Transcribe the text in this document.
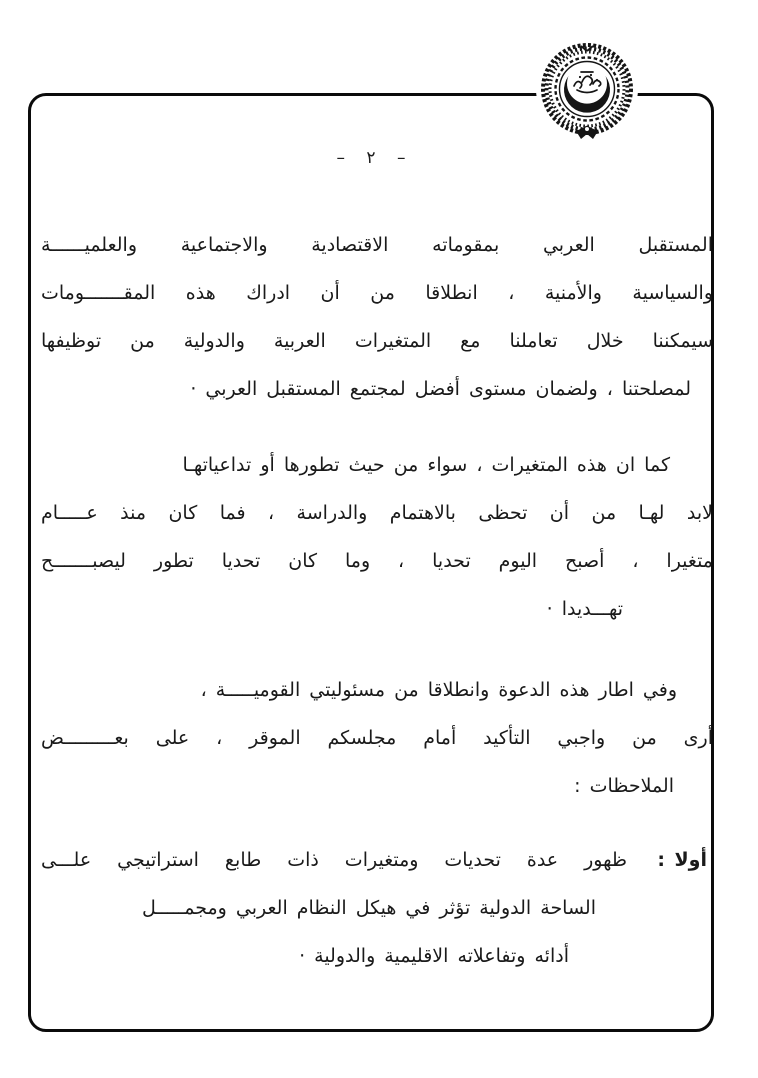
– ٢ –
المستقبل العربي بمقوماته الاقتصادية والاجتماعية والعلميــــــة
والسياسية والأمنية ، انطلاقا من أن ادراك هذه المقـــــــومات
سيمكننا خلال تعاملنا مع المتغيرات العربية والدولية من توظيفها
لمصلحتنا ، ولضمان مستوى أفضل لمجتمع المستقبل العربي ·
كما ان هذه المتغيرات ، سواء من حيث تطورها أو تداعياتهـا
لابد لهـا من أن تحظى بالاهتمام والدراسة ، فما كان منذ عـــــام
متغيرا ، أصبح اليوم تحديا ، وما كان تحديا تطور ليصبـــــــح
تهـــديدا ·
وفي اطار هذه الدعوة وانطلاقا من مسئوليتي القوميـــــة ،
أرى من واجبي التأكيد أمام مجلسكم الموقر ، على بعـــــــــض
الملاحظات :
أولا :
ظهور عدة تحديات ومتغيرات ذات طابع استراتيجي علـــى
الساحة الدولية تؤثر في هيكل النظام العربي ومجمـــــل
أدائه وتفاعلاته الاقليمية والدولية ·
